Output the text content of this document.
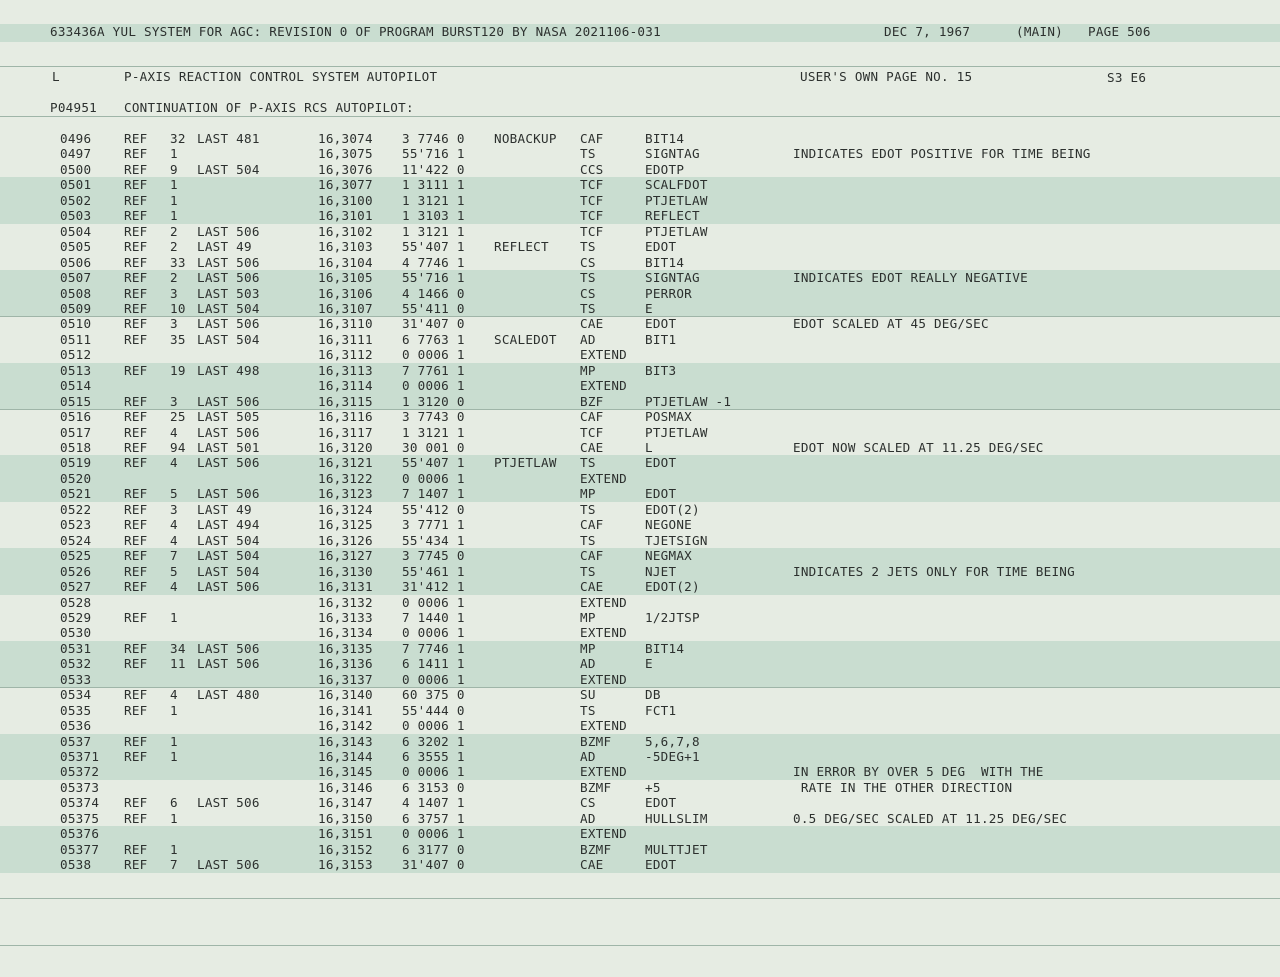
633436A YUL SYSTEM FOR AGC: REVISION 0 OF PROGRAM BURST120 BY NASA 2021106-031	DEC 7, 1967	(MAIN) PAGE 506
L	P-AXIS REACTION CONTROL SYSTEM AUTOPILOT	USER'S OWN PAGE NO. 15	S3 E6
P04951 CONTINUATION OF P-AXIS RCS AUTOPILOT:
0496	REF 32 LAST 481	16,3074 3 7746 0 NOBACKUP CAF	BIT14
0497	REF 1	16,3075 55'716 1	TS	SIGNTAG	INDICATES EDOT POSITIVE FOR TIME BEING
0500	REF 9 LAST 504	16,3076 11'422 0	CCS	EDOTP
0501	REF 1	16,3077 1 3111 1	TCF	SCALFDOT
0502	REF 1	16,3100 1 3121 1	TCF	PTJETLAW
0503	REF 1	16,3101 1 3103 1	TCF	REFLECT
0504	REF 2 LAST 506	16,3102 1 3121 1	TCF	PTJETLAW
0505	REF 2 LAST 49	16,3103 55'407 1 REFLECT TS	EDOT
0506	REF 33 LAST 506	16,3104 4 7746 1	CS	BIT14
0507	REF 2 LAST 506	16,3105 55'716 1	TS	SIGNTAG	INDICATES EDOT REALLY NEGATIVE
0508	REF 3 LAST 503	16,3106 4 1466 0	CS	PERROR
0509	REF 10 LAST 504	16,3107 55'411 0	TS	E
0510	REF 3 LAST 506	16,3110 31'407 0	CAE	EDOT	EDOT SCALED AT 45 DEG/SEC
0511	REF 35 LAST 504	16,3111 6 7763 1 SCALEDOT AD	BIT1
0512	16,3112 0 0006 1	EXTEND
0513	REF 19 LAST 498	16,3113 7 7761 1	MP	BIT3
0514	16,3114 0 0006 1	EXTEND
0515	REF 3 LAST 506	16,3115 1 3120 0	BZF	PTJETLAW -1
0516	REF 25 LAST 505	16,3116 3 7743 0	CAF	POSMAX
0517	REF 4 LAST 506	16,3117 1 3121 1	TCF	PTJETLAW
0518	REF 94 LAST 501	16,3120 30 001 0	CAE	L	EDOT NOW SCALED AT 11.25 DEG/SEC
0519	REF 4 LAST 506	16,3121 55'407 1 PTJETLAW TS	EDOT
0520	16,3122 0 0006 1	EXTEND
0521	REF 5 LAST 506	16,3123 7 1407 1	MP	EDOT
0522	REF 3 LAST 49	16,3124 55'412 0	TS	EDOT(2)
0523	REF 4 LAST 494	16,3125 3 7771 1	CAF	NEGONE
0524	REF 4 LAST 504	16,3126 55'434 1	TS	TJETSIGN
0525	REF 7 LAST 504	16,3127 3 7745 0	CAF	NEGMAX
0526	REF 5 LAST 504	16,3130 55'461 1	TS	NJET	INDICATES 2 JETS ONLY FOR TIME BEING
0527	REF 4 LAST 506	16,3131 31'412 1	CAE	EDOT(2)
0528	16,3132 0 0006 1	EXTEND
0529	REF 1	16,3133 7 1440 1	MP	1/2JTSP
0530	16,3134 0 0006 1	EXTEND
0531	REF 34 LAST 506	16,3135 7 7746 1	MP	BIT14
0532	REF 11 LAST 506	16,3136 6 1411 1	AD	E
0533	16,3137 0 0006 1	EXTEND
0534	REF 4 LAST 480	16,3140 60 375 0	SU	DB
0535	REF 1	16,3141 55'444 0	TS	FCT1
0536	16,3142 0 0006 1	EXTEND
0537	REF 1	16,3143 6 3202 1	BZMF	5,6,7,8
05371 REF 1	16,3144 6 3555 1	AD	-5DEG+1
05372	16,3145 0 0006 1	EXTEND	IN ERROR BY OVER 5 DEG  WITH THE
05373	16,3146 6 3153 0	BZMF	+5	RATE IN THE OTHER DIRECTION
05374 REF 6 LAST 506	16,3147 4 1407 1	CS	EDOT
05375 REF 1	16,3150 6 3757 1	AD	HULLSLIM	0.5 DEG/SEC SCALED AT 11.25 DEG/SEC
05376	16,3151 0 0006 1	EXTEND
05377 REF 1	16,3152 6 3177 0	BZMF	MULTTJET
0538	REF 7 LAST 506	16,3153 31'407 0	CAE	EDOT
